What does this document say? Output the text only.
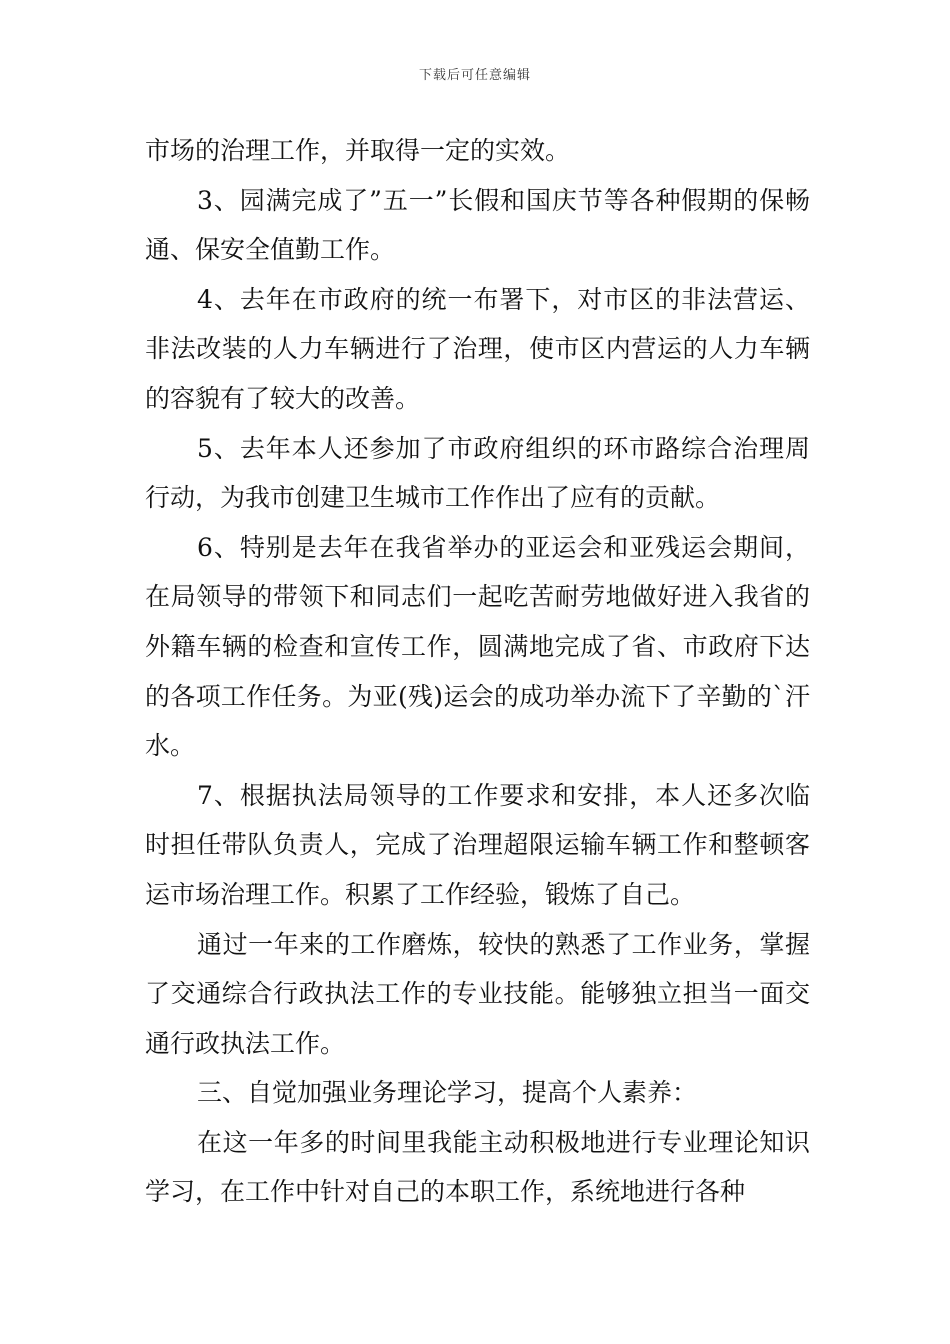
下载后可任意编辑

市场的治理工作，并取得一定的实效。

3、园满完成了”五一”长假和国庆节等各种假期的保畅通、保安全值勤工作。

4、去年在市政府的统一布署下，对市区的非法营运、非法改装的人力车辆进行了治理，使市区内营运的人力车辆的容貌有了较大的改善。

5、去年本人还参加了市政府组织的环市路综合治理周行动，为我市创建卫生城市工作作出了应有的贡献。

6、特别是去年在我省举办的亚运会和亚残运会期间，在局领导的带领下和同志们一起吃苦耐劳地做好进入我省的外籍车辆的检查和宣传工作，圆满地完成了省、市政府下达的各项工作任务。为亚(残)运会的成功举办流下了辛勤的`汗水。

7、根据执法局领导的工作要求和安排，本人还多次临时担任带队负责人，完成了治理超限运输车辆工作和整顿客运市场治理工作。积累了工作经验，锻炼了自己。

通过一年来的工作磨炼，较快的熟悉了工作业务，掌握了交通综合行政执法工作的专业技能。能够独立担当一面交通行政执法工作。

三、自觉加强业务理论学习，提高个人素养：

在这一年多的时间里我能主动积极地进行专业理论知识学习，在工作中针对自己的本职工作，系统地进行各种
